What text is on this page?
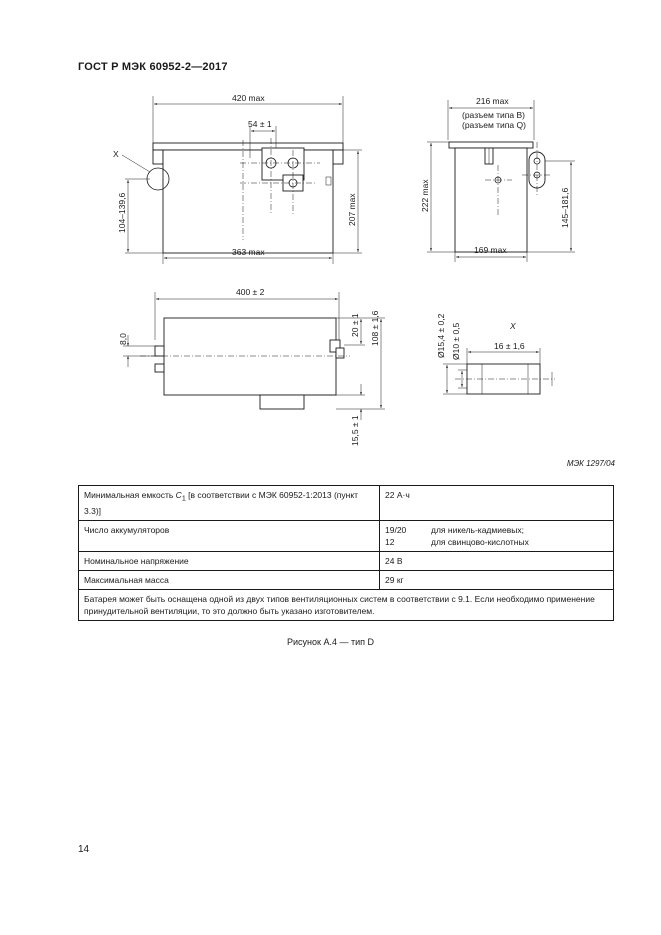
ГОСТ Р МЭК 60952-2—2017
420 max
54 ± 1
X
104–139,6	207 max
363 max
216 max
(разъем типа B)
(разъем типа Q)
222 max	145–181,6
169 max
400 ± 2
8,0
20 ± 1 108 ± 1,6
15,5 ± 1
X
16 ± 1,6
Ø15,4 ± 0,2 Ø10 ± 0,5
МЭК 1297/04
Минимальная емкость $C_1$ [в соответствии с МЭК 60952-1:2013 (пункт 3.3)]	22 А·ч
Число аккумуляторов	19/20 для никель-кадмиевых;
12 для свинцово-кислотных

Номинальное напряжение	24 В
Максимальная масса	29 кг
Батарея может быть оснащена одной из двух типов вентиляционных систем в соответствии с 9.1. Если необходимо применение принудительной вентиляции, то это должно быть указано изготовителем.	
Рисунок А.4 — тип D
14
